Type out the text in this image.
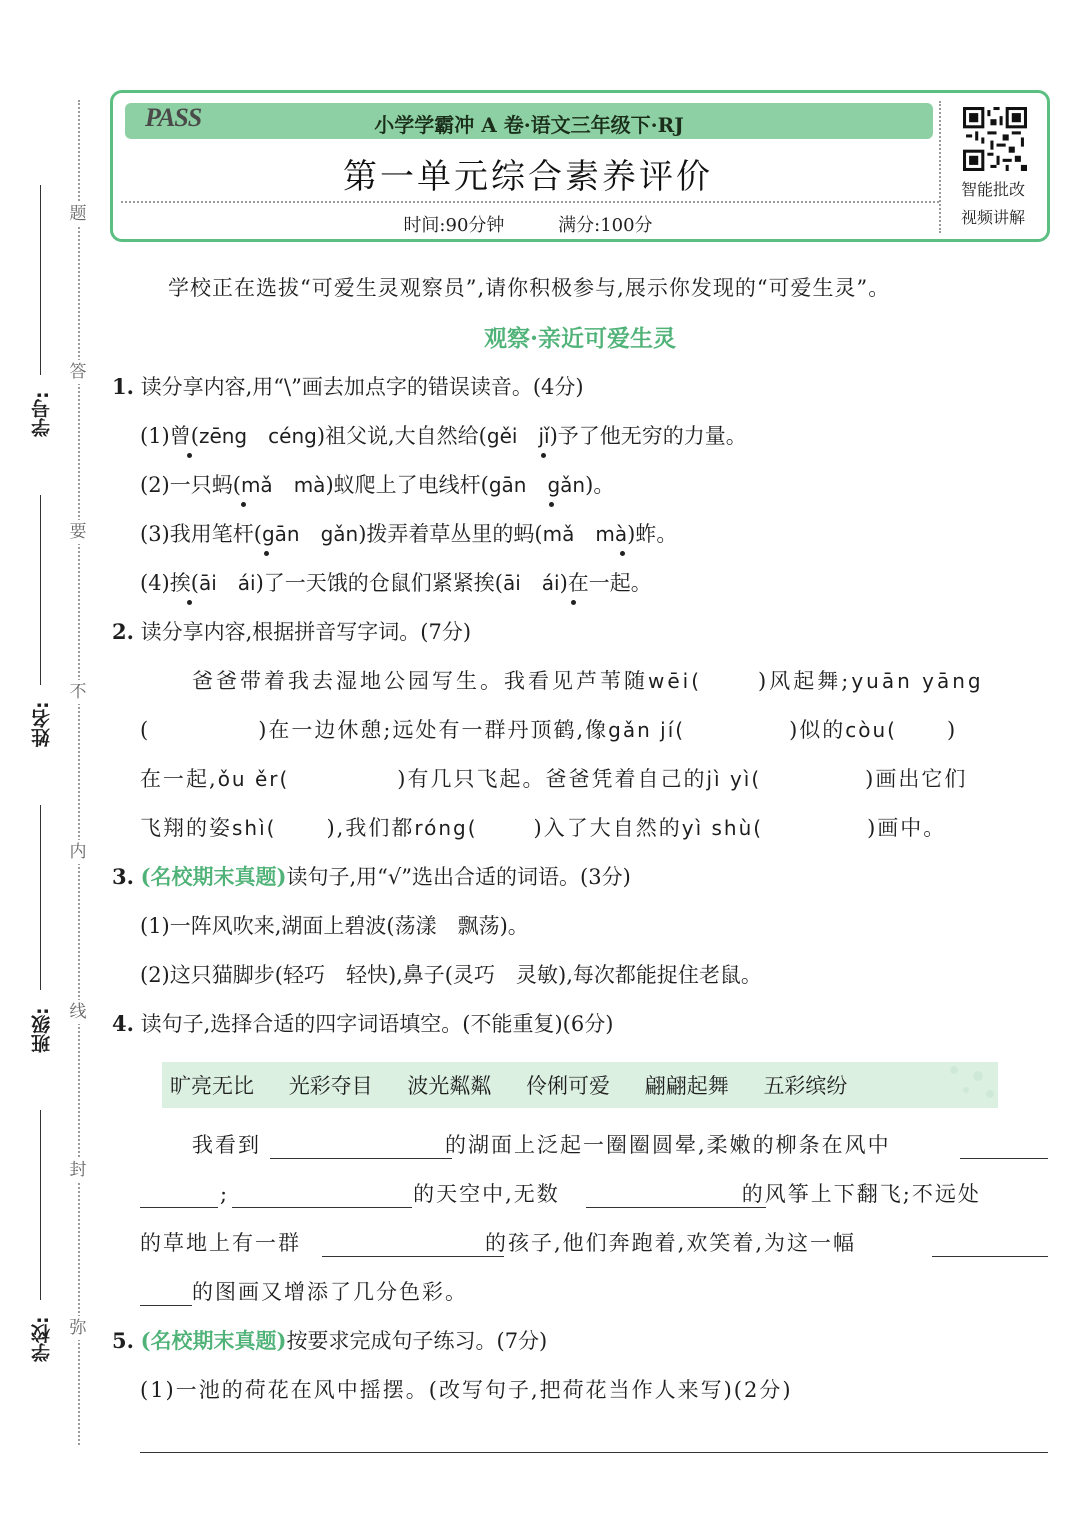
题
答
要
不
内
线
封
弥
学号:
姓名:
班级:
学校:
PASS	小学学霸冲 A 卷·语文三年级下·RJ
第一单元综合素养评价
时间:90分钟	满分:100分
智能批改
视频讲解
学校正在选拔“可爱生灵观察员”,请你积极参与,展示你发现的“可爱生灵”。
观察·亲近可爱生灵
1. 读分享内容,用“\”画去加点字的错误读音。(4分)
(1)曾(zēng　 céng)祖父说,大自然给(gěi　 jǐ)予了他无穷的力量。
(2)一只蚂(mǎ　 mà)蚁爬上了电线杆(gān　 gǎn)。
(3)我用笔杆(gān　 gǎn)拨弄着草丛里的蚂(mǎ　 mà)蚱。
(4)挨(āi　 ái)了一天饿的仓鼠们紧紧挨(āi　 ái)在一起。
2. 读分享内容,根据拼音写字词。(7分)
爸爸带着我去湿地公园写生。我看见芦苇随wēi(	)风起舞;yuān yāng
(	)在一边休憩;远处有一群丹顶鹤,像gǎn jí(	)似的còu( )
在一起,ǒu ěr(	)有几只飞起。爸爸凭着自己的jì yì(	)画出它们
飞翔的姿shì( ),我们都róng(	)入了大自然的yì shù(	)画中。
3. (名校期末真题)读句子,用“√”选出合适的词语。(3分)
(1)一阵风吹来,湖面上碧波(荡漾　飘荡)。
(2)这只猫脚步(轻巧　轻快),鼻子(灵巧　灵敏),每次都能捉住老鼠。
4. 读句子,选择合适的四字词语填空。(不能重复)(6分)
旷亮无比 光彩夺目 波光粼粼 伶俐可爱 翩翩起舞 五彩缤纷
我看到	的湖面上泛起一圈圈圆晕,柔嫩的柳条在风中
;	的天空中,无数	的风筝上下翻飞;不远处
的草地上有一群	的孩子,他们奔跑着,欢笑着,为这一幅
的图画又增添了几分色彩。
5. (名校期末真题)按要求完成句子练习。(7分)
(1)一池的荷花在风中摇摆。(改写句子,把荷花当作人来写)(2分)
